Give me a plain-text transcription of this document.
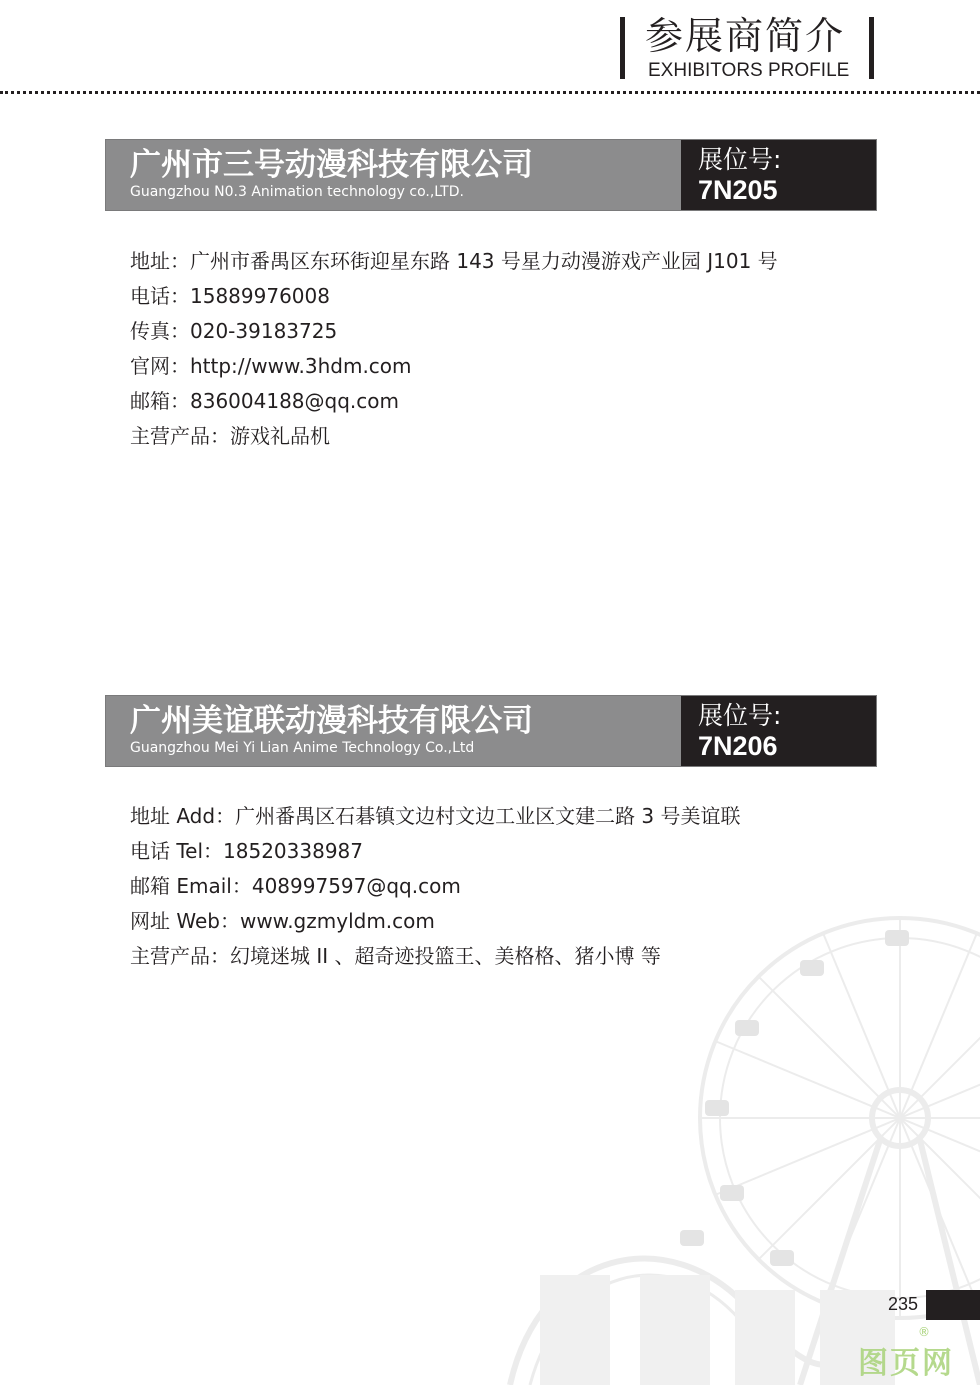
参展商简介
EXHIBITORS PROFILE
广州市三号动漫科技有限公司
Guangzhou N0.3 Animation technology co.,LTD.
展位号:
7N205
地址：广州市番禺区东环街迎星东路 143 号星力动漫游戏产业园 J101 号
电话：15889976008
传真：020-39183725
官网：http://www.3hdm.com
邮箱：836004188@qq.com
主营产品：游戏礼品机
广州美谊联动漫科技有限公司
Guangzhou Mei Yi Lian Anime Technology Co.,Ltd
展位号:
7N206
地址 Add：广州番禺区石碁镇文边村文边工业区文建二路 3 号美谊联
电话 Tel：18520338987
邮箱 Email：408997597@qq.com
网址 Web：www.gzmyldm.com
主营产品：幻境迷城 II 、超奇迹投篮王、美格格、猪小博 等
235
图页网
®
